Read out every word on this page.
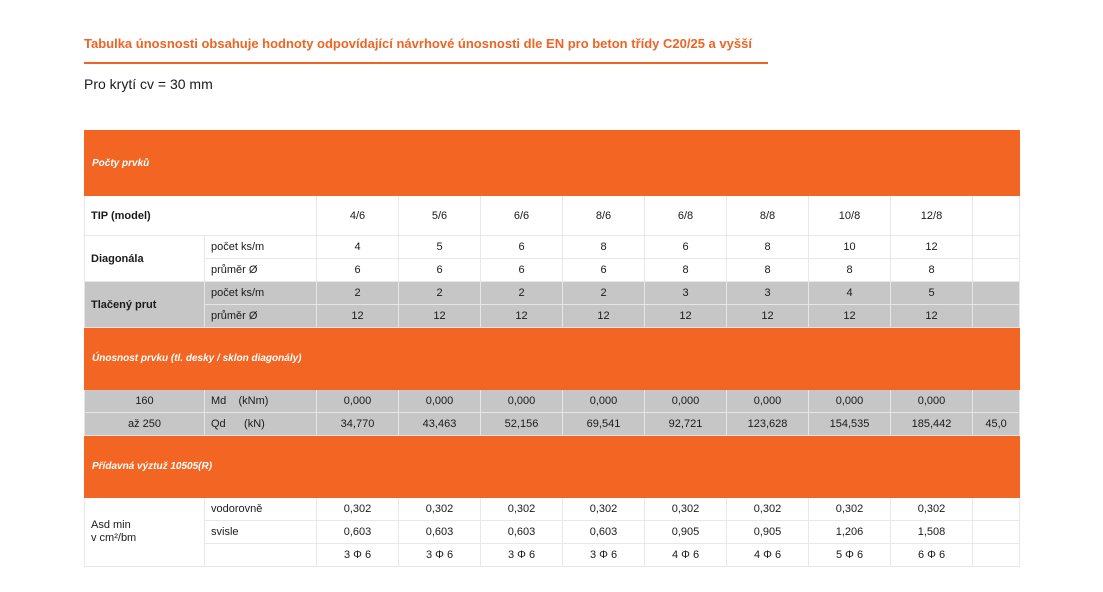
Tabulka únosnosti obsahuje hodnoty odpovídající návrhové únosnosti dle EN pro beton třídy C20/25 a vyšší
Pro krytí cv = 30 mm
Počty prvků										
TIP (model)		4/6	5/6	6/6	8/6	6/8	8/8	10/8	12/8	
Diagonála	počet ks/m	4	5	6	8	6	8	10	12	
	průměr Ø	6	6	6	6	8	8	8	8	
Tlačený prut	počet ks/m	2	2	2	2	3	3	4	5	
	průměr Ø	12	12	12	12	12	12	12	12	
Únosnost prvku (tl. desky / sklon diagonály)										
160	Md (kNm)	0,000	0,000	0,000	0,000	0,000	0,000	0,000	0,000	
až 250	Qd (kN)	34,770	43,463	52,156	69,541	92,721	123,628	154,535	185,442	45,0
Přídavná výztuž 10505(R)										
Asd min
v cm²/bm	vodorovně	0,302	0,302	0,302	0,302	0,302	0,302	0,302	0,302	
	svisle	0,603	0,603	0,603	0,603	0,905	0,905	1,206	1,508	
		3 Φ 6	3 Φ 6	3 Φ 6	3 Φ 6	4 Φ 6	4 Φ 6	5 Φ 6	6 Φ 6	
